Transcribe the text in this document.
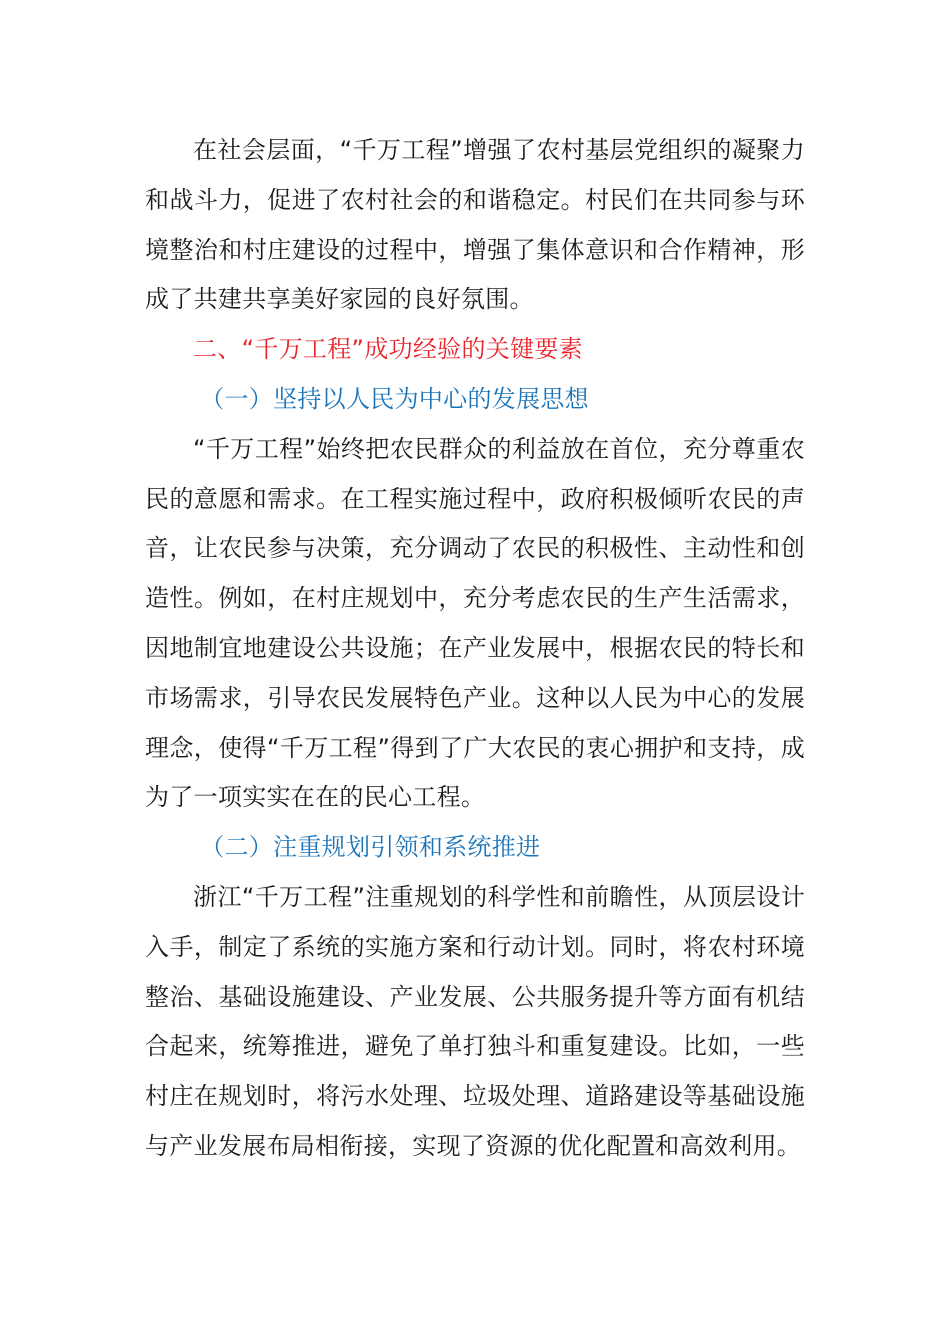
在社会层面，“千万工程”增强了农村基层党组织的凝聚力和战斗力，促进了农村社会的和谐稳定。村民们在共同参与环境整治和村庄建设的过程中，增强了集体意识和合作精神，形成了共建共享美好家园的良好氛围。

二、“千万工程”成功经验的关键要素

（一）坚持以人民为中心的发展思想

“千万工程”始终把农民群众的利益放在首位，充分尊重农民的意愿和需求。在工程实施过程中，政府积极倾听农民的声音，让农民参与决策，充分调动了农民的积极性、主动性和创造性。例如，在村庄规划中，充分考虑农民的生产生活需求，因地制宜地建设公共设施；在产业发展中，根据农民的特长和市场需求，引导农民发展特色产业。这种以人民为中心的发展理念，使得“千万工程”得到了广大农民的衷心拥护和支持，成为了一项实实在在的民心工程。

（二）注重规划引领和系统推进

浙江“千万工程”注重规划的科学性和前瞻性，从顶层设计入手，制定了系统的实施方案和行动计划。同时，将农村环境整治、基础设施建设、产业发展、公共服务提升等方面有机结合起来，统筹推进，避免了单打独斗和重复建设。比如，一些村庄在规划时，将污水处理、垃圾处理、道路建设等基础设施与产业发展布局相衔接，实现了资源的优化配置和高效利用。
